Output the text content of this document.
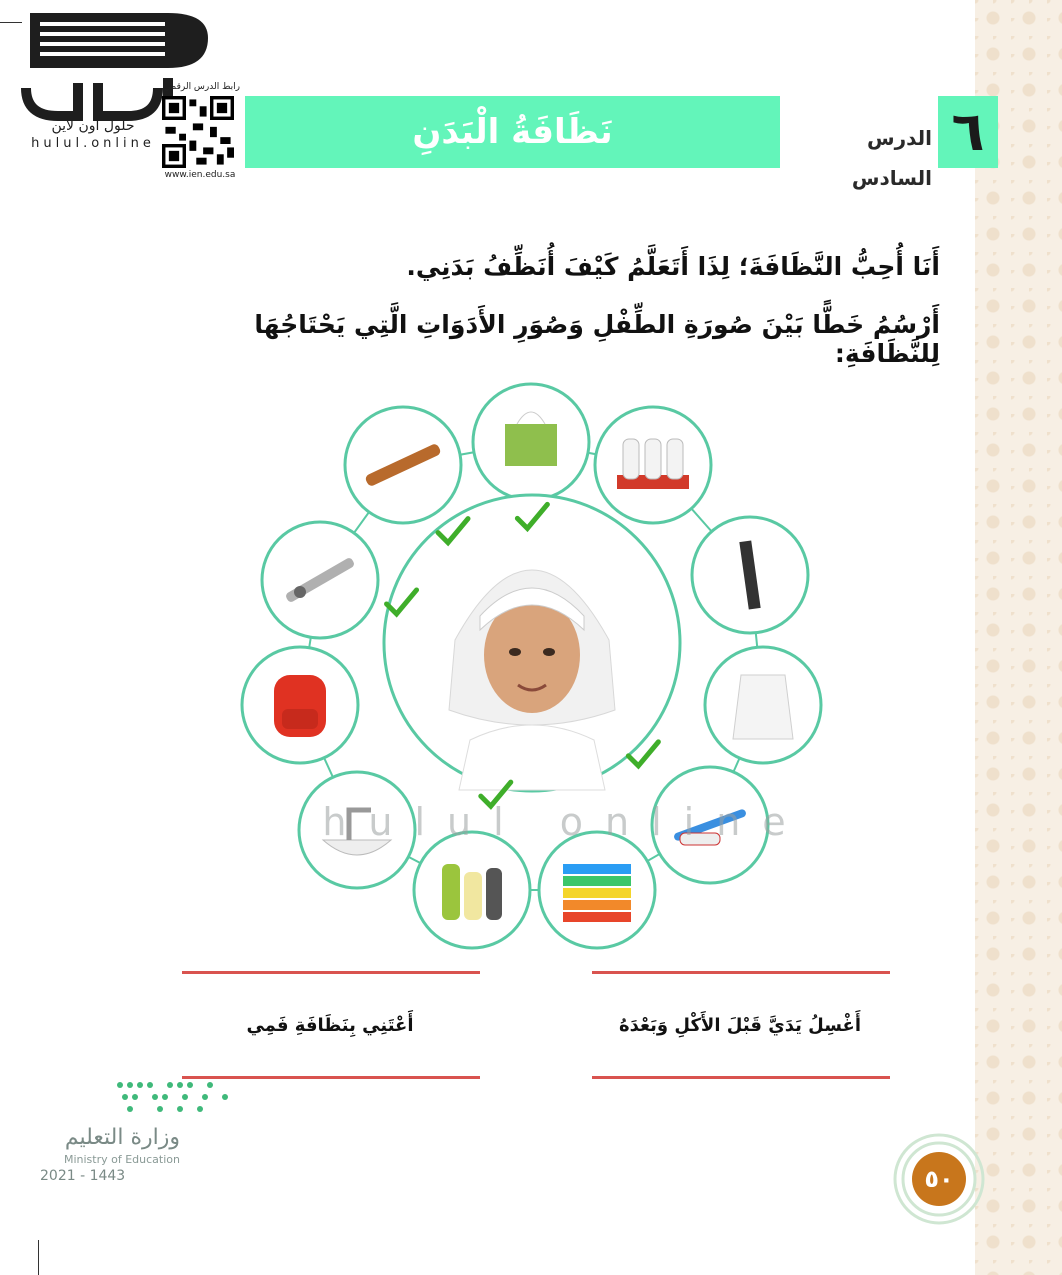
حلول اون لاين
hulul.online
رابط الدرس الرقمي
www.ien.edu.sa
نَظَافَةُ الْبَدَنِ	الدرس السادس
٦
أَنَا أُحِبُّ النَّظَافَةَ؛ لِذَا أَتَعَلَّمُ كَيْفَ أُنَظِّفُ بَدَنِي.
أَرْسُمُ خَطًّا بَيْنَ صُورَةِ الطِّفْلِ وَصُوَرِ الأَدَوَاتِ الَّتِي يَحْتَاجُهَا لِلنَّظَافَةِ:
hulul online
أَغْسِلُ يَدَيَّ قَبْلَ الأَكْلِ وَبَعْدَهُ
أَعْتَنِي بِنَظَافَةِ فَمِي
وزارة التعليم
Ministry of Education
2021 - 1443	٥٠
